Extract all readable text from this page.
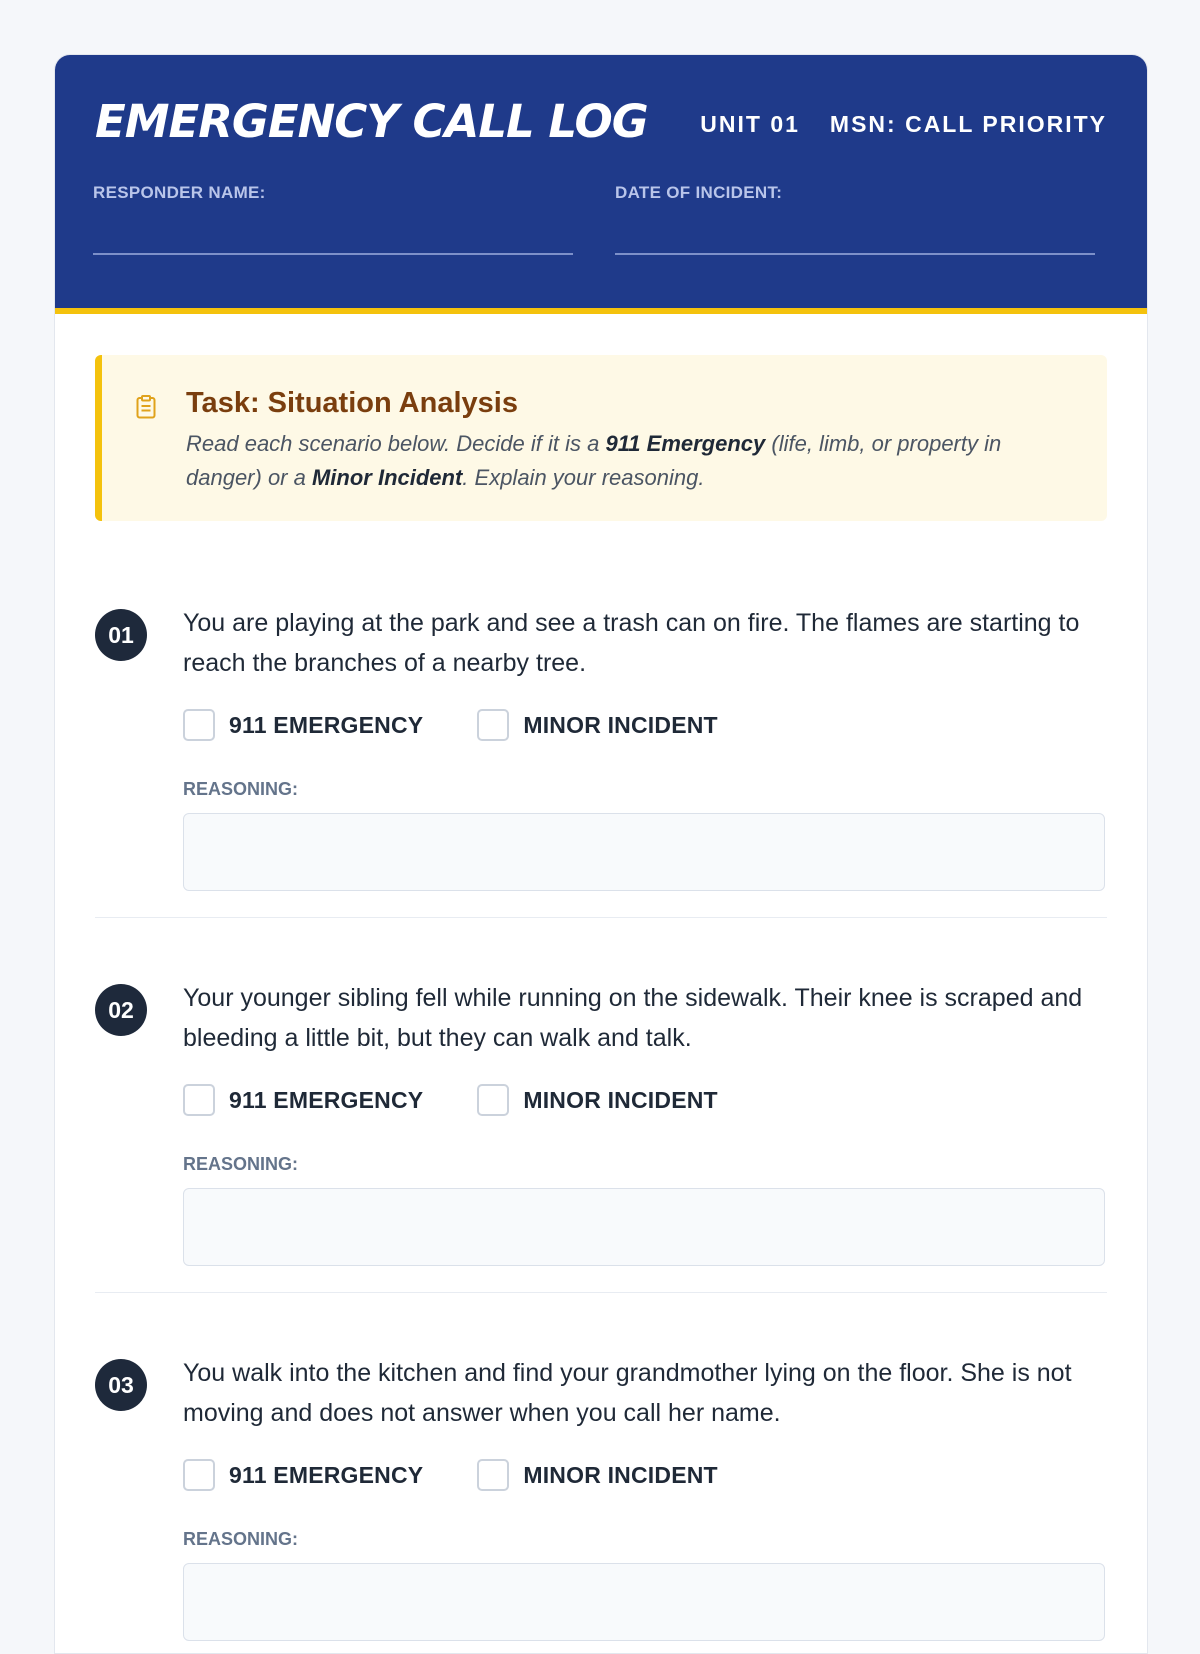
EMERGENCY CALL LOG UNIT 01 MSN: CALL PRIORITY
RESPONDER NAME:	DATE OF INCIDENT:
Task: Situation Analysis
Read each scenario below. Decide if it is a 911 Emergency (life, limb, or property in danger) or a Minor Incident. Explain your reasoning.
01	You are playing at the park and see a trash can on fire. The flames are starting to reach the branches of a nearby tree.
911 EMERGENCY	MINOR INCIDENT
REASONING:
02	Your younger sibling fell while running on the sidewalk. Their knee is scraped and bleeding a little bit, but they can walk and talk.
911 EMERGENCY	MINOR INCIDENT
REASONING:
03	You walk into the kitchen and find your grandmother lying on the floor. She is not moving and does not answer when you call her name.
911 EMERGENCY	MINOR INCIDENT
REASONING:
